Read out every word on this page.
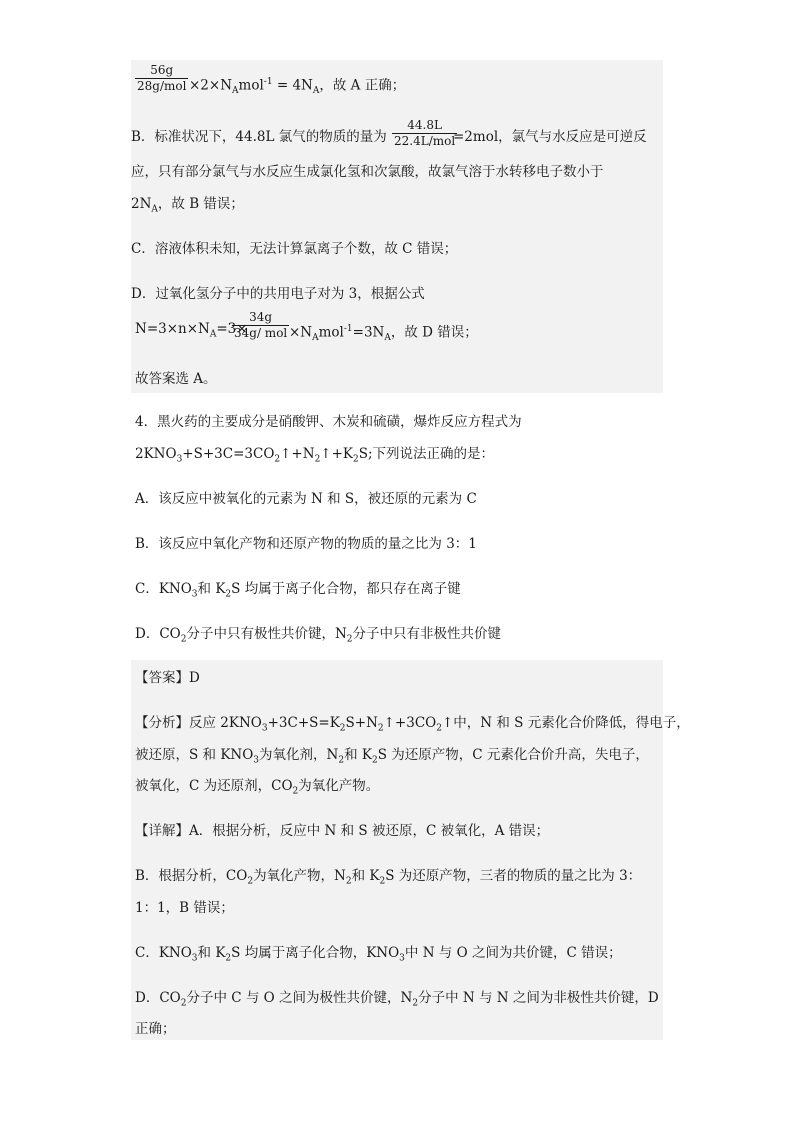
56g
$28g/mol \times 2\times N_Amol^{-1} = 4N_A$，故 A 正确；
B．标准状况下，44.8L 氯气的物质的量为
44.8L
22.4L/mol
=2mol，氯气与水反应是可逆反
应，只有部分氯气与水反应生成氯化氢和次氯酸，故氯气溶于水转移电子数小于
$2N_A$，故 B 错误；
C．溶液体积未知，无法计算氯离子个数，故 C 错误；
D．过氧化氢分子中的共用电子对为 3，根据公式
$N=3\times n\times N_A=3\times$
34g
34g/ mol $\times N_Amol^{-1}=3N_A$，故 D 错误；
故答案选 A。
4．黑火药的主要成分是硝酸钾、木炭和硫磺，爆炸反应方程式为
$2KNO_3+S+3C=3CO_2↑+N_2↑+K_2S$;下列说法正确的是：
A．该反应中被氧化的元素为 N 和 S，被还原的元素为 C
B．该反应中氧化产物和还原产物的物质的量之比为 3：1
C．$KNO_3$和 $K_2S$ 均属于离子化合物，都只存在离子键
D．$CO_2$分子中只有极性共价键，$N_2$分子中只有非极性共价键
【答案】D
【分析】反应 $2KNO_3+3C+S=K_2S+N_2↑+3CO_2↑$中，N 和 S 元素化合价降低，得电子，
被还原，S 和 $KNO_3$为氧化剂，$N_2$和 $K_2S$ 为还原产物，C 元素化合价升高，失电子，
被氧化，C 为还原剂，$CO_2$为氧化产物。
【详解】A．根据分析，反应中 N 和 S 被还原，C 被氧化，A 错误；
B．根据分析，$CO_2$为氧化产物，$N_2$和 $K_2S$ 为还原产物，三者的物质的量之比为 3：
1：1，B 错误；
C．$KNO_3$和 $K_2S$ 均属于离子化合物，$KNO_3$中 N 与 O 之间为共价键，C 错误；
D．$CO_2$分子中 C 与 O 之间为极性共价键，$N_2$分子中 N 与 N 之间为非极性共价键，D
正确；
